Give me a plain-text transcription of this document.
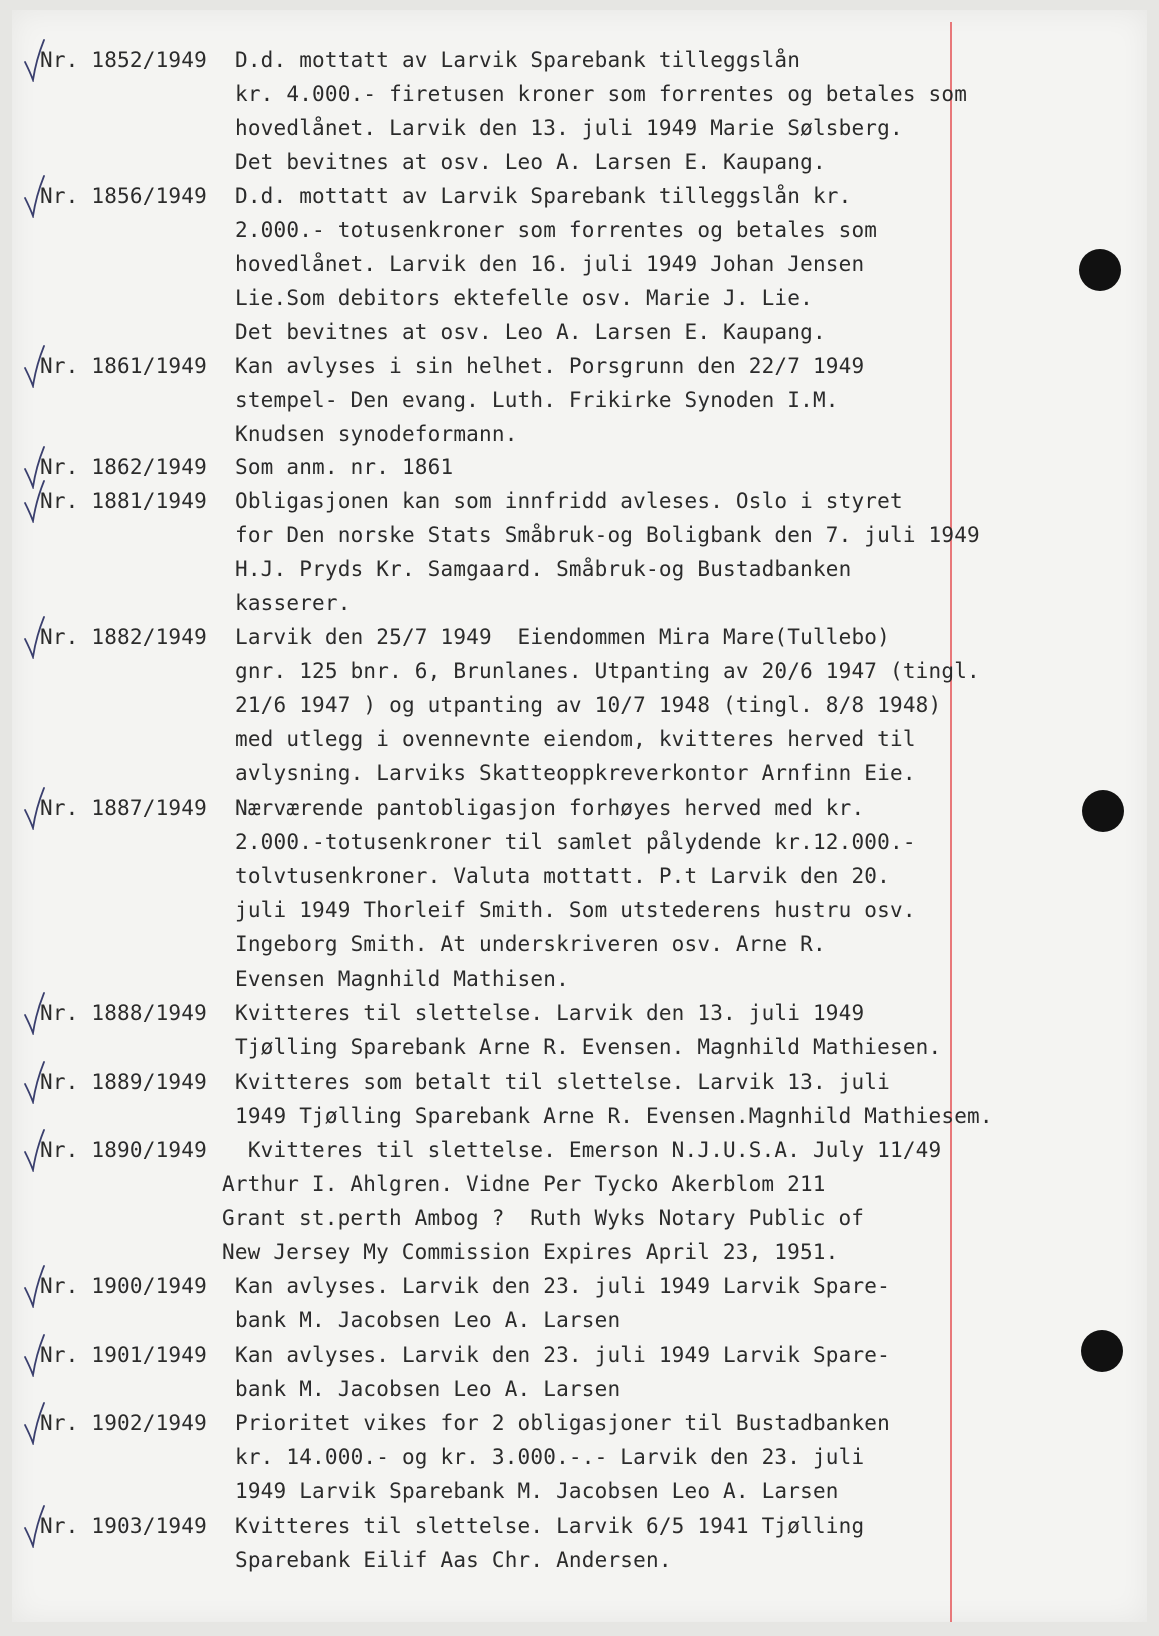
Nr. 1852/1949 D.d. mottatt av Larvik Sparebank tilleggslån
kr. 4.000.- firetusen kroner som forrentes og betales som
hovedlånet. Larvik den 13. juli 1949 Marie Sølsberg.
Det bevitnes at osv. Leo A. Larsen E. Kaupang.
Nr. 1856/1949 D.d. mottatt av Larvik Sparebank tilleggslån kr.
2.000.- totusenkroner som forrentes og betales som
hovedlånet. Larvik den 16. juli 1949 Johan Jensen
Lie.Som debitors ektefelle osv. Marie J. Lie.
Det bevitnes at osv. Leo A. Larsen E. Kaupang.
Nr. 1861/1949 Kan avlyses i sin helhet. Porsgrunn den 22/7 1949
stempel- Den evang. Luth. Frikirke Synoden I.M.
Knudsen synodeformann.
Nr. 1862/1949 Som anm. nr. 1861
Nr. 1881/1949 Obligasjonen kan som innfridd avleses. Oslo i styret
for Den norske Stats Småbruk-og Boligbank den 7. juli 1949
H.J. Pryds Kr. Samgaard. Småbruk-og Bustadbanken
kasserer.
Nr. 1882/1949 Larvik den 25/7 1949  Eiendommen Mira Mare(Tullebo)
gnr. 125 bnr. 6, Brunlanes. Utpanting av 20/6 1947 (tingl.
21/6 1947 ) og utpanting av 10/7 1948 (tingl. 8/8 1948)
med utlegg i ovennevnte eiendom, kvitteres herved til
avlysning. Larviks Skatteoppkreverkontor Arnfinn Eie.
Nr. 1887/1949 Nærværende pantobligasjon forhøyes herved med kr.
2.000.-totusenkroner til samlet pålydende kr.12.000.-
tolvtusenkroner. Valuta mottatt. P.t Larvik den 20.
juli 1949 Thorleif Smith. Som utstederens hustru osv.
Ingeborg Smith. At underskriveren osv. Arne R.
Evensen Magnhild Mathisen.
Nr. 1888/1949 Kvitteres til slettelse. Larvik den 13. juli 1949
Tjølling Sparebank Arne R. Evensen. Magnhild Mathiesen.
Nr. 1889/1949 Kvitteres som betalt til slettelse. Larvik 13. juli
1949 Tjølling Sparebank Arne R. Evensen.Magnhild Mathiesem.
Nr. 1890/1949 Kvitteres til slettelse. Emerson N.J.U.S.A. July 11/49
Arthur I. Ahlgren. Vidne Per Tycko Akerblom 211
Grant st.perth Ambog ?  Ruth Wyks Notary Public of
New Jersey My Commission Expires April 23, 1951.
Nr. 1900/1949 Kan avlyses. Larvik den 23. juli 1949 Larvik Spare-
bank M. Jacobsen Leo A. Larsen
Nr. 1901/1949 Kan avlyses. Larvik den 23. juli 1949 Larvik Spare-
bank M. Jacobsen Leo A. Larsen
Nr. 1902/1949 Prioritet vikes for 2 obligasjoner til Bustadbanken
kr. 14.000.- og kr. 3.000.-.- Larvik den 23. juli
1949 Larvik Sparebank M. Jacobsen Leo A. Larsen
Nr. 1903/1949 Kvitteres til slettelse. Larvik 6/5 1941 Tjølling
Sparebank Eilif Aas Chr. Andersen.
